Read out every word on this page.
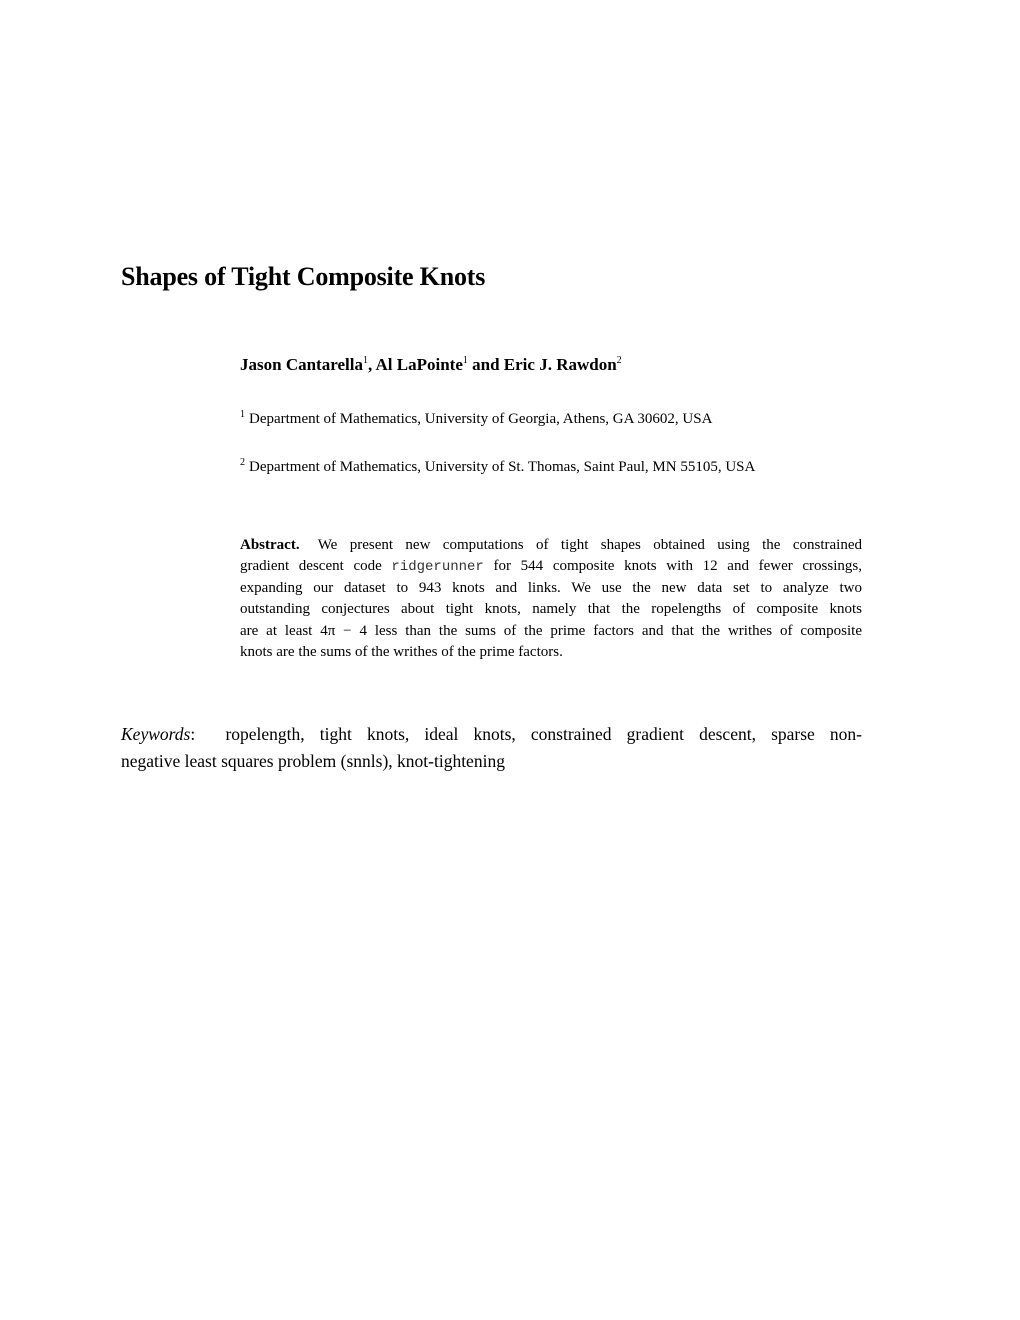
Shapes of Tight Composite Knots
Jason Cantarella$^1$, Al LaPointe$^1$ and Eric J. Rawdon$^2$
$^1$ Department of Mathematics, University of Georgia, Athens, GA 30602, USA
$^2$ Department of Mathematics, University of St. Thomas, Saint Paul, MN 55105, USA
Abstract. We present new computations of tight shapes obtained using the constrained
gradient descent code ridgerunner for 544 composite knots with 12 and fewer crossings,
expanding our dataset to 943 knots and links. We use the new data set to analyze two
outstanding conjectures about tight knots, namely that the ropelengths of composite knots
are at least 4π − 4 less than the sums of the prime factors and that the writhes of composite
knots are the sums of the writhes of the prime factors.
Keywords:  ropelength, tight knots, ideal knots, constrained gradient descent, sparse non-
negative least squares problem (snnls), knot-tightening
